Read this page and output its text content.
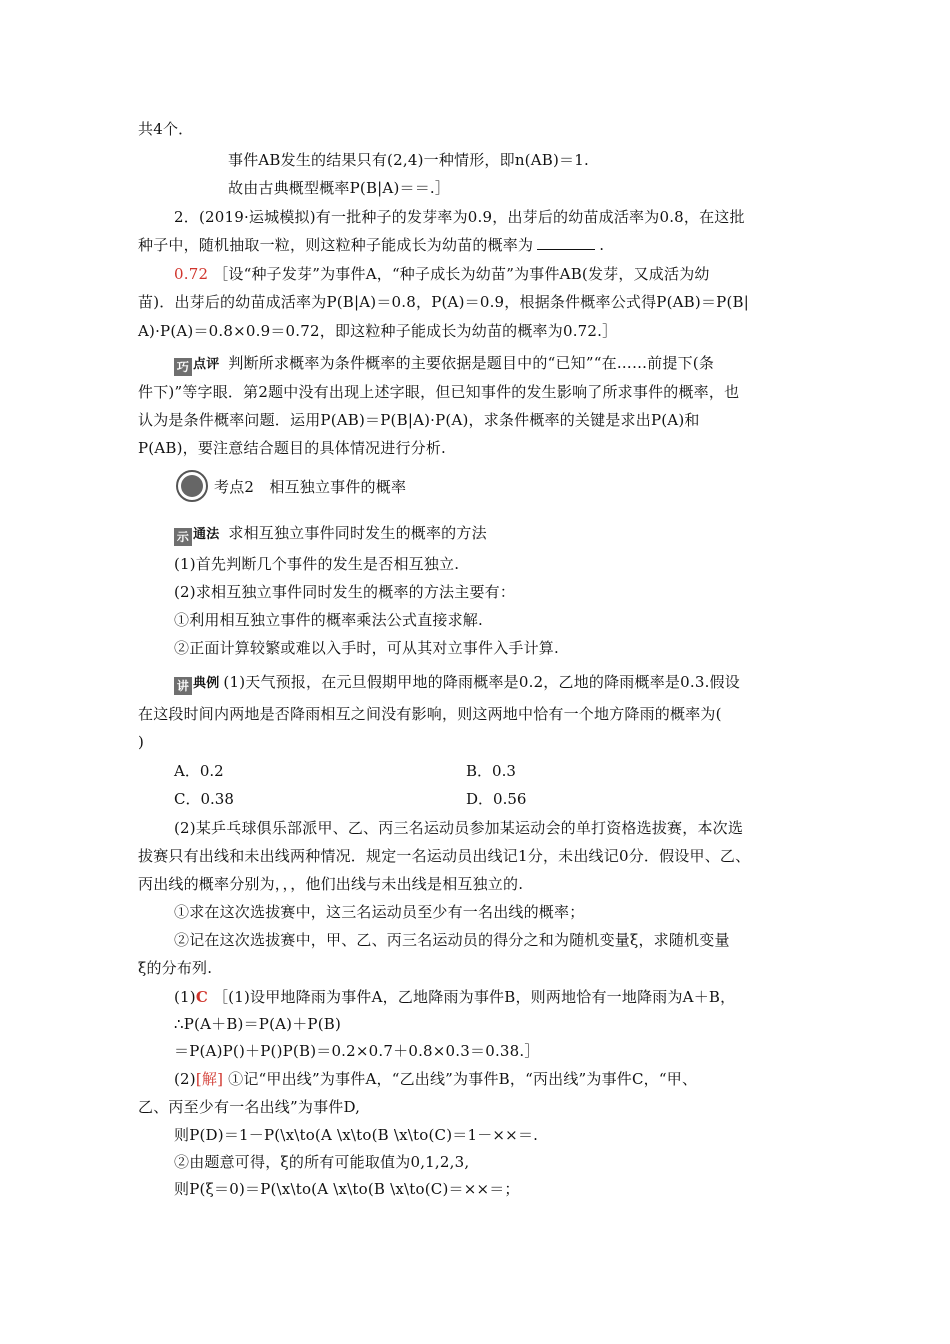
共4个．
事件AB发生的结果只有(2,4)一种情形，即n(AB)＝1.
故由古典概型概率P(B|A)＝＝.］
2．(2019·运城模拟)有一批种子的发芽率为0.9，出芽后的幼苗成活率为0.8，在这批
种子中，随机抽取一粒，则这粒种子能成长为幼苗的概率为	.
0.72 ［设“种子发芽”为事件A，“种子成长为幼苗”为事件AB(发芽，又成活为幼
苗)．出芽后的幼苗成活率为P(B|A)＝0.8，P(A)＝0.9，根据条件概率公式得P(AB)＝P(B|
A)·P(A)＝0.8×0.9＝0.72，即这粒种子能成长为幼苗的概率为0.72.］
巧 点评 判断所求概率为条件概率的主要依据是题目中的“已知”“在……前提下(条
件下)”等字眼．第2题中没有出现上述字眼，但已知事件的发生影响了所求事件的概率，也
认为是条件概率问题．运用P(AB)＝P(B|A)·P(A)，求条件概率的关键是求出P(A)和
P(AB)，要注意结合题目的具体情况进行分析.
考点2　相互独立事件的概率
示 通法 求相互独立事件同时发生的概率的方法
(1)首先判断几个事件的发生是否相互独立.
(2)求相互独立事件同时发生的概率的方法主要有：
①利用相互独立事件的概率乘法公式直接求解.
②正面计算较繁或难以入手时，可从其对立事件入手计算.
讲 典例 (1)天气预报，在元旦假期甲地的降雨概率是0.2，乙地的降雨概率是0.3.假设
在这段时间内两地是否降雨相互之间没有影响，则这两地中恰有一个地方降雨的概率为(
)
A．0.2	B．0.3
C．0.38	D．0.56
(2)某乒乓球俱乐部派甲、乙、丙三名运动员参加某运动会的单打资格选拔赛，本次选
拔赛只有出线和未出线两种情况．规定一名运动员出线记1分，未出线记0分．假设甲、乙、
丙出线的概率分别为，，，他们出线与未出线是相互独立的.
①求在这次选拔赛中，这三名运动员至少有一名出线的概率；
②记在这次选拔赛中，甲、乙、丙三名运动员的得分之和为随机变量ξ，求随机变量
ξ的分布列.
(1)C ［(1)设甲地降雨为事件A，乙地降雨为事件B，则两地恰有一地降雨为A＋B，
∴P(A＋B)＝P(A)＋P(B)
＝P(A)P()＋P()P(B)＝0.2×0.7＋0.8×0.3＝0.38.］
(2)[解] ①记“甲出线”为事件A，“乙出线”为事件B，“丙出线”为事件C，“甲、
乙、丙至少有一名出线”为事件D,
则P(D)＝1－P(\x\to(A \x\to(B \x\to(C)＝1－××＝.
②由题意可得，ξ的所有可能取值为0,1,2,3,
则P(ξ＝0)＝P(\x\to(A \x\to(B \x\to(C)＝××＝；
